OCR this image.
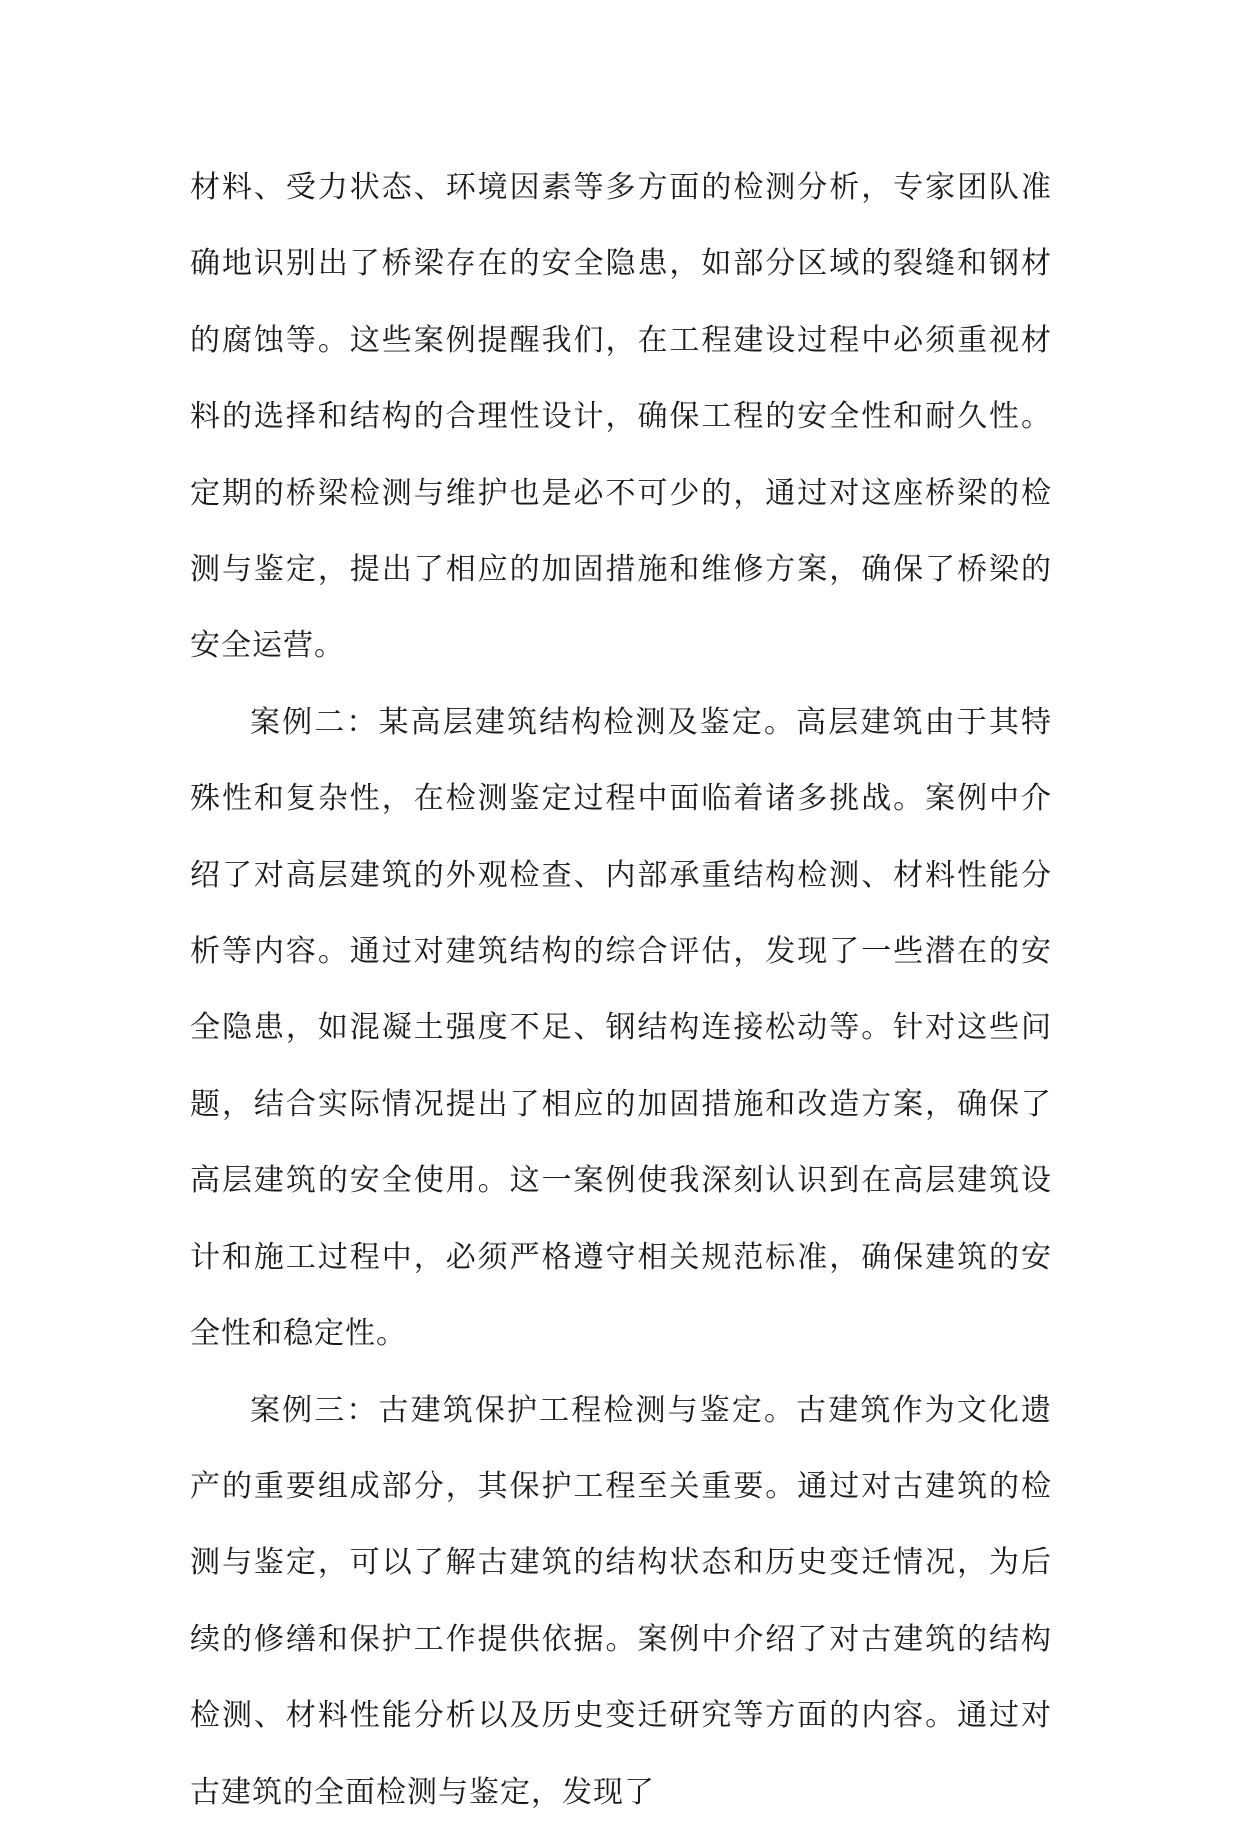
材料、受力状态、环境因素等多方面的检测分析，专家团队准确地识别出了桥梁存在的安全隐患，如部分区域的裂缝和钢材的腐蚀等。这些案例提醒我们，在工程建设过程中必须重视材料的选择和结构的合理性设计，确保工程的安全性和耐久性。定期的桥梁检测与维护也是必不可少的，通过对这座桥梁的检测与鉴定，提出了相应的加固措施和维修方案，确保了桥梁的安全运营。

案例二：某高层建筑结构检测及鉴定。高层建筑由于其特殊性和复杂性，在检测鉴定过程中面临着诸多挑战。案例中介绍了对高层建筑的外观检查、内部承重结构检测、材料性能分析等内容。通过对建筑结构的综合评估，发现了一些潜在的安全隐患，如混凝土强度不足、钢结构连接松动等。针对这些问题，结合实际情况提出了相应的加固措施和改造方案，确保了高层建筑的安全使用。这一案例使我深刻认识到在高层建筑设计和施工过程中，必须严格遵守相关规范标准，确保建筑的安全性和稳定性。

案例三：古建筑保护工程检测与鉴定。古建筑作为文化遗产的重要组成部分，其保护工程至关重要。通过对古建筑的检测与鉴定，可以了解古建筑的结构状态和历史变迁情况，为后续的修缮和保护工作提供依据。案例中介绍了对古建筑的结构检测、材料性能分析以及历史变迁研究等方面的内容。通过对古建筑的全面检测与鉴定，发现了
